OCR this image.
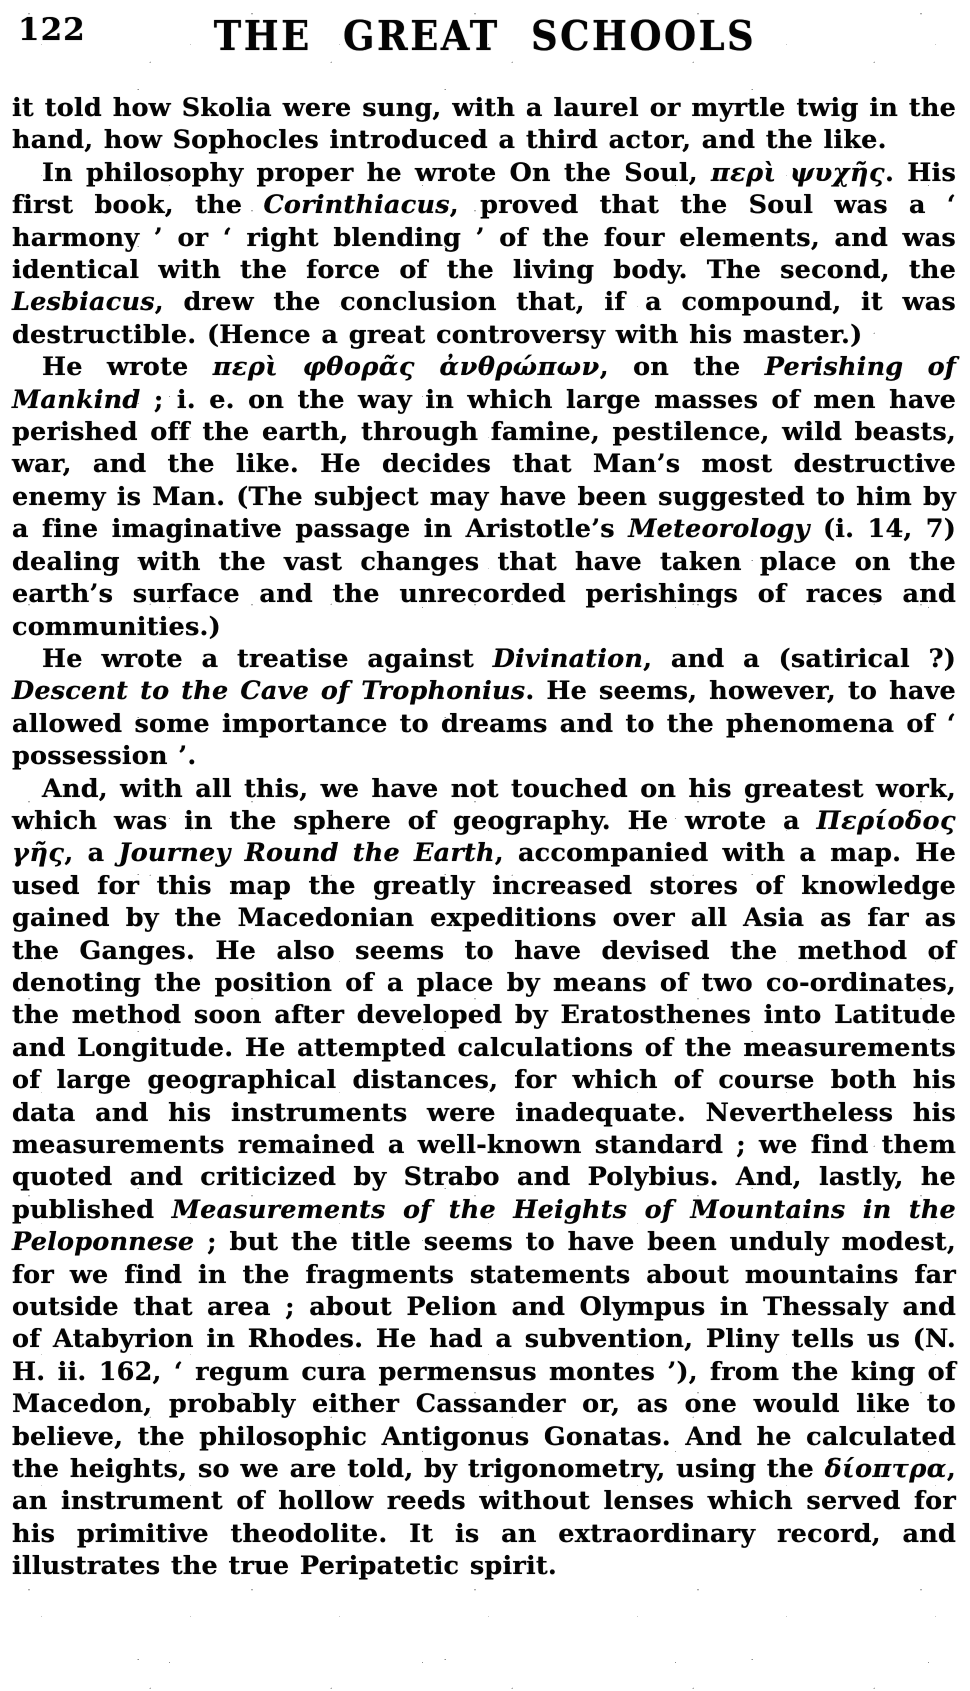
122	THE GREAT SCHOOLS

it told how Skolia were sung, with a laurel or myrtle twig in the hand, how Sophocles introduced a third actor, and the like.

In philosophy proper he wrote On the Soul, περὶ ψυχῆς. His first book, the Corinthiacus, proved that the Soul was a ‘ harmony ’ or ‘ right blending ’ of the four elements, and was identical with the force of the living body. The second, the Lesbiacus, drew the conclusion that, if a compound, it was destructible. (Hence a great controversy with his master.)

He wrote περὶ φθορᾶς ἀνθρώπων, on the Perishing of Mankind ; i. e. on the way in which large masses of men have perished off the earth, through famine, pestilence, wild beasts, war, and the like. He decides that Man’s most destructive enemy is Man. (The subject may have been suggested to him by a fine imaginative passage in Aristotle’s Meteorology (i. 14, 7) dealing with the vast changes that have taken place on the earth’s surface and the unrecorded perishings of races and communities.)

He wrote a treatise against Divination, and a (satirical ?) Descent to the Cave of Trophonius. He seems, however, to have allowed some importance to dreams and to the phenomena of ‘ possession ’.

And, with all this, we have not touched on his greatest work, which was in the sphere of geography. He wrote a Περίοδος γῆς, a Journey Round the Earth, accompanied with a map. He used for this map the greatly increased stores of knowledge gained by the Macedonian expeditions over all Asia as far as the Ganges. He also seems to have devised the method of denoting the position of a place by means of two co-ordinates, the method soon after developed by Eratosthenes into Latitude and Longitude. He attempted calculations of the measurements of large geographical distances, for which of course both his data and his instruments were inadequate. Nevertheless his measurements remained a well-known standard ; we find them quoted and criticized by Strabo and Polybius. And, lastly, he published Measurements of the Heights of Mountains in the Peloponnese ; but the title seems to have been unduly modest, for we find in the fragments statements about mountains far outside that area ; about Pelion and Olympus in Thessaly and of Atabyrion in Rhodes. He had a subvention, Pliny tells us (N. H. ii. 162, ‘ regum cura permensus montes ’), from the king of Macedon, probably either Cassander or, as one would like to believe, the philosophic Antigonus Gonatas. And he calculated the heights, so we are told, by trigonometry, using the δίοπτρα, an instrument of hollow reeds without lenses which served for his primitive theodolite. It is an extraordinary record, and illustrates the true Peripatetic spirit.
